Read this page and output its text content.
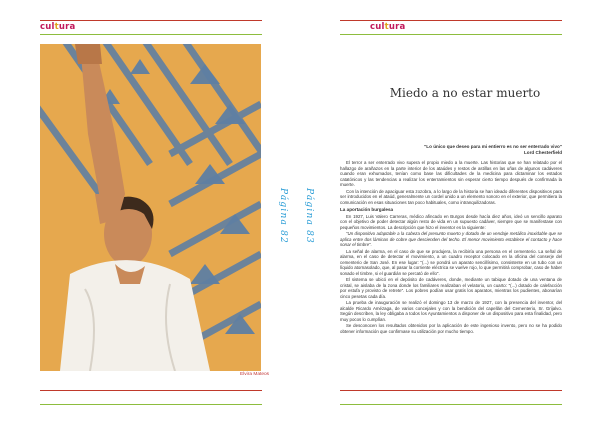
cultura
Elvira Mateos
Página 82
cultura
Página 83
Miedo a no estar muerto
"Lo único que deseo para mi entierro es no ser enterrado vivo"
Lord Chesterfield

El terror a ser enterrado vivo supera el propio miedo a la muerte. Las historias que se han relatado por el hallazgo de arañazos en la parte interior de los ataúdes y restos de astillas en las uñas de algunos cadáveres cuando eran exhumados, tenían como base las dificultades de la medicina para dictaminar los estados catatónicos y las tendencias a realizar los enterramientos sin esperar cierto tiempo después de confirmada la muerte.

Con la intención de apaciguar esta zozobra, a lo largo de la historia se han ideado diferentes dispositivos para ser introducidos en el ataúd, generalmente un cordel unido a un elemento sonoro en el exterior, que permitiera la comunicación en esas situaciones tan poco habituales, como intranquilizadoras.

La aportación burgalesa

En 1927, Luis Valero Carreras, médico afincado en Burgos desde hacía diez años, ideó un sencillo aparato con el objetivo de poder detectar algún resto de vida en un supuesto cadáver, siempre que se manifestase con pequeños movimientos. La descripción que hizo el inventor es la siguiente:

"Un dispositivo adaptable a la cabeza del presunto muerto y dotado de un vendaje metálico inoxidable que se aplica entre dos láminas de cobre que descienden del techo. El menor movimiento establece el contacto y hace sonar el timbre".

La señal de alarma, en el caso de que se produjera, la recibiría una persona en el cementerio. La señal de alarma, en el caso de detectar el movimiento, a un cuadro receptor colocado en la oficina del conserje del cementerio de San José. En ese lugar: "(...) se pondrá un aparato sencillísimo, consistente en un tubo con un líquido atornasolado, que, al pasar la corriente eléctrica se vuelve rojo, lo que permitirá comprobar, caso de haber sonado el timbre, si el guardián se percató de ello".

El sistema se ubicó en el depósito de cadáveres, donde, mediante un tabique dotado de una ventana de cristal, se aislaba de la zona donde los familiares realizaban el velatorio, un cuarto: "(...) dotado de calefacción por estufa y provisto de retrete". Los pobres podían usar gratis los aparatos, mientras los pudientes, abonarían cinco pesetas cada día.

La prueba de inauguración se realizó el domingo 13 de marzo de 1927, con la presencia del inventor, del alcalde Ricardo Amézaga, de varios concejales y con la bendición del capellán del Cementerio, Sr. Grijalvo. Según describen, la ley obligaba a todos los Ayuntamientos a disponer de un dispositivo para esta finalidad, pero muy pocos lo cumplían.

Se desconocen los resultados obtenidos por la aplicación de este ingenioso invento, pero no se ha podido obtener información que confirmase su utilización por mucho tiempo.
